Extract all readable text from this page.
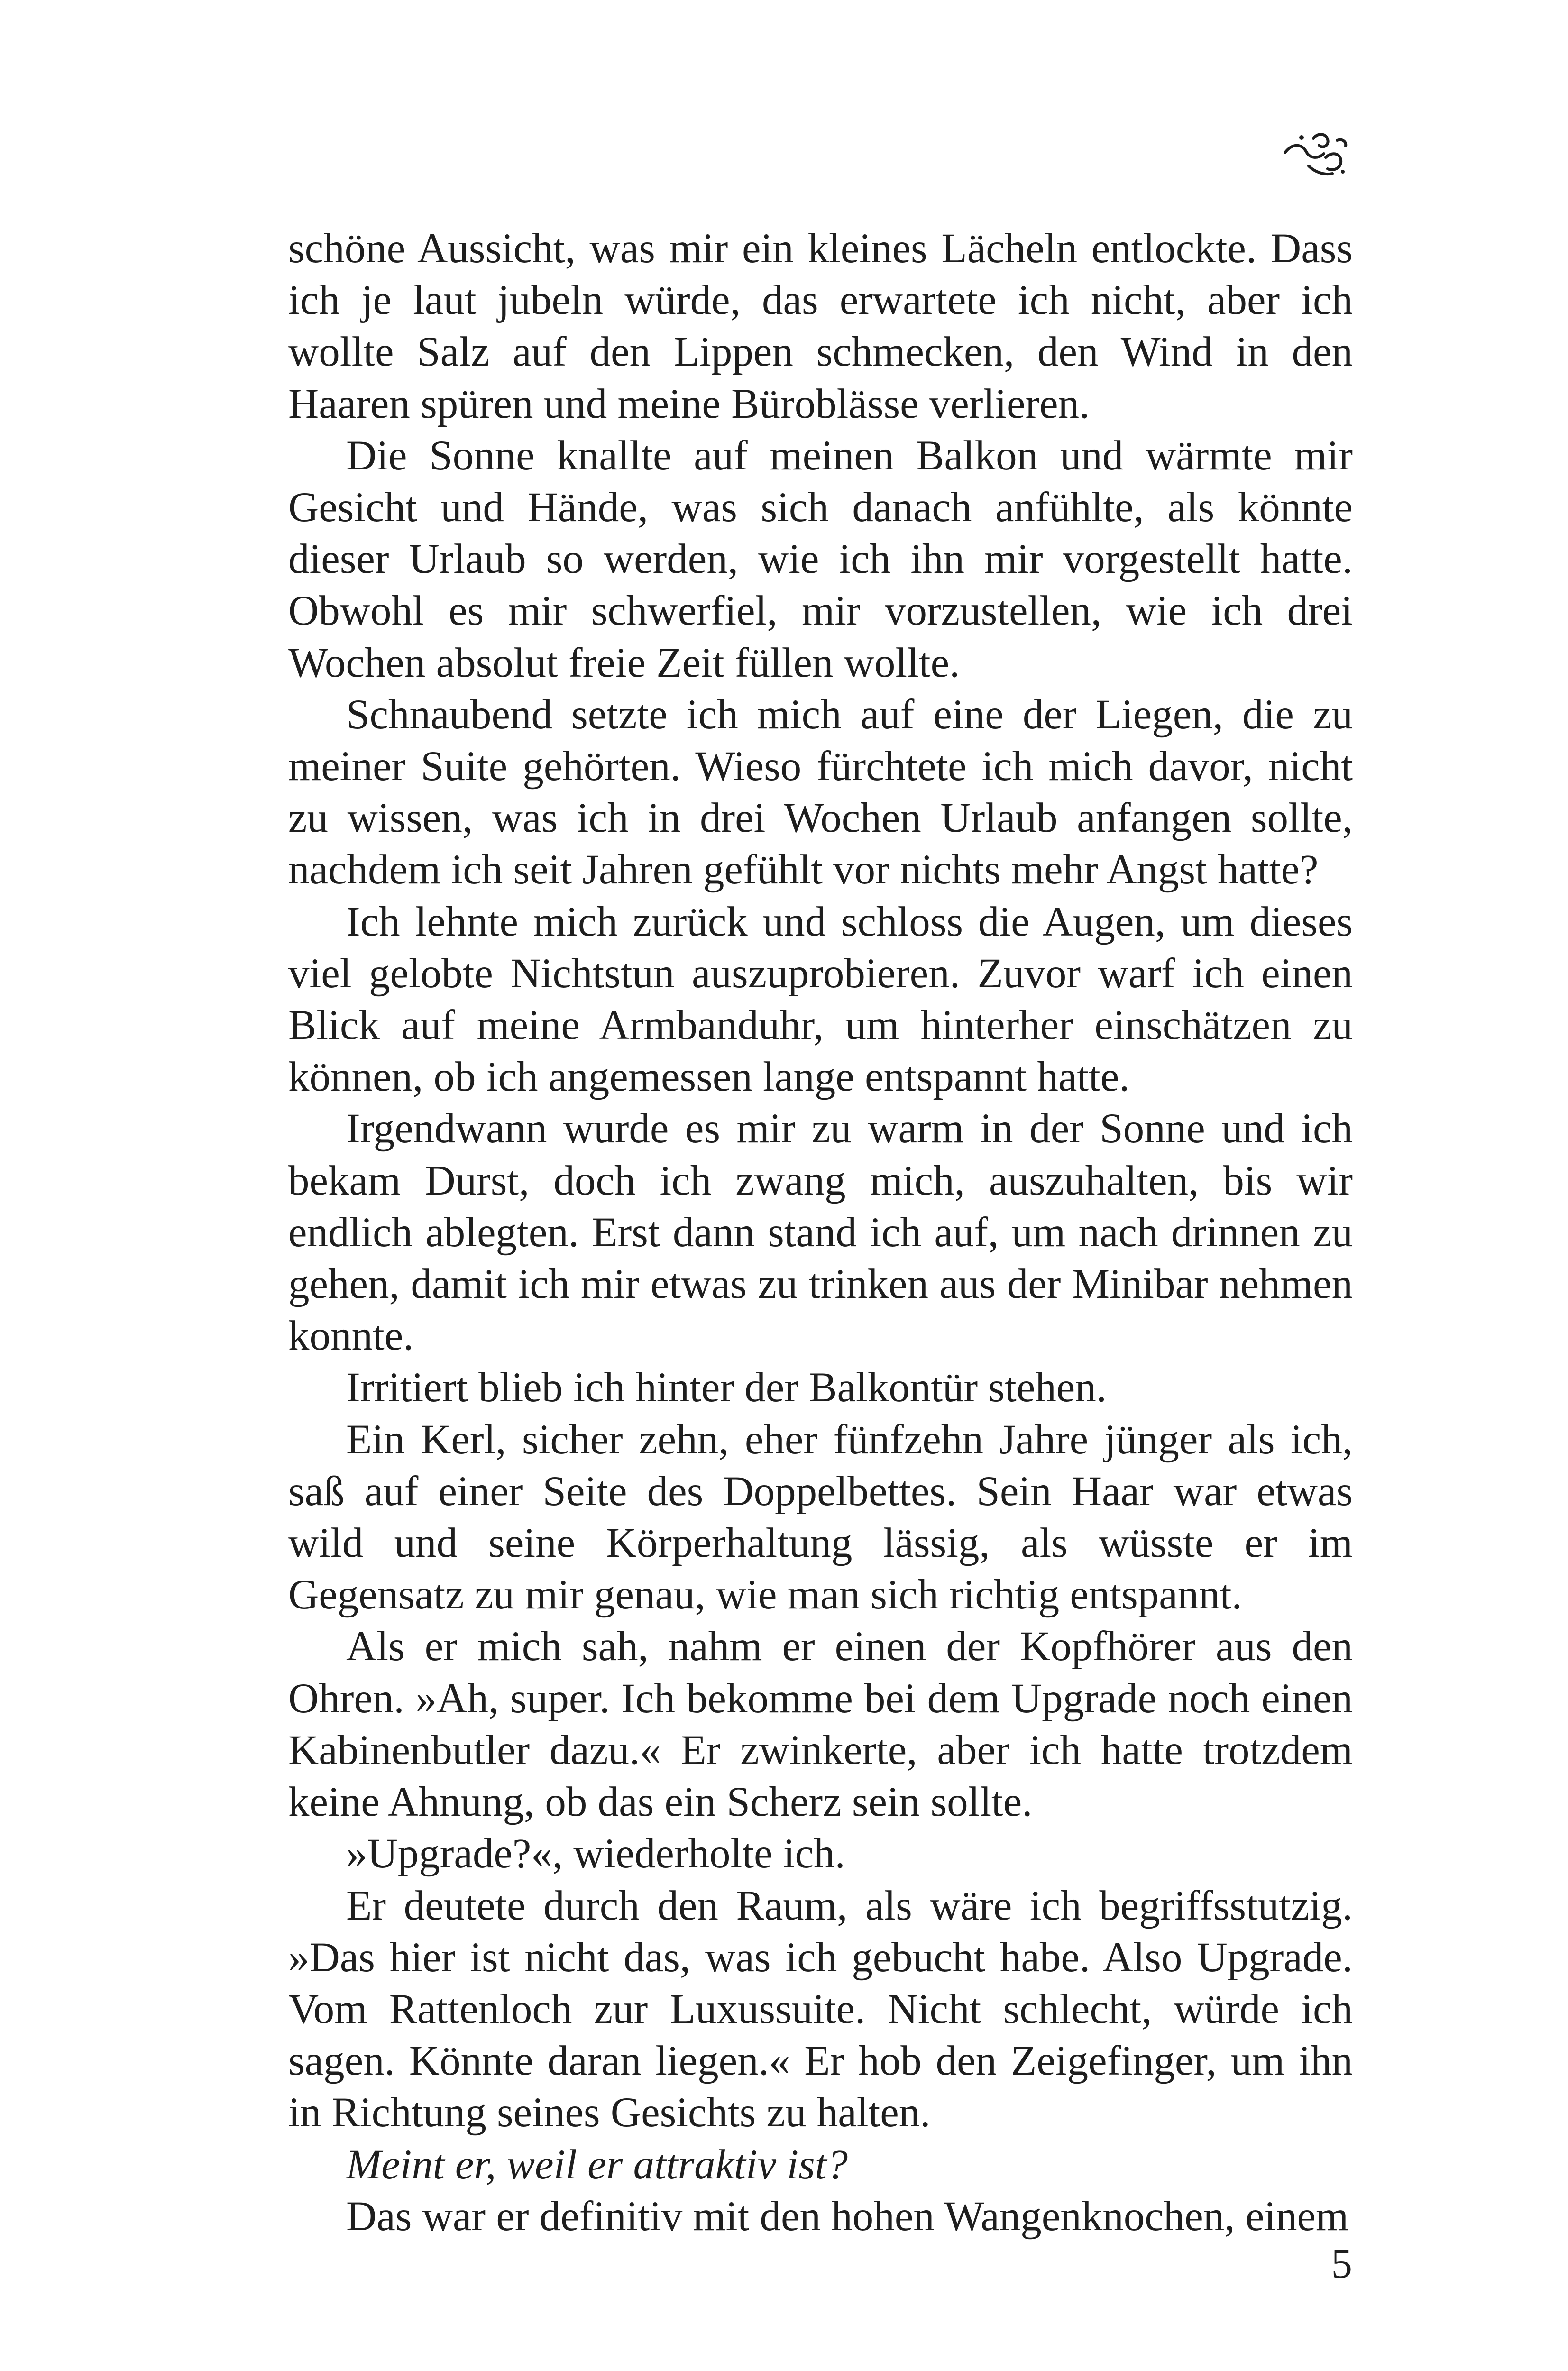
schöne Aussicht, was mir ein kleines Lächeln entlockte. Dass ich je laut jubeln würde, das erwartete ich nicht, aber ich wollte Salz auf den Lippen schmecken, den Wind in den Haaren spüren und meine Büroblässe verlieren.

Die Sonne knallte auf meinen Balkon und wärmte mir Gesicht und Hände, was sich danach anfühlte, als könnte dieser Urlaub so werden, wie ich ihn mir vorgestellt hatte. Obwohl es mir schwerfiel, mir vorzustellen, wie ich drei Wochen absolut freie Zeit füllen wollte.

Schnaubend setzte ich mich auf eine der Liegen, die zu meiner Suite gehörten. Wieso fürchtete ich mich davor, nicht zu wissen, was ich in drei Wochen Urlaub anfangen sollte, nachdem ich seit Jahren gefühlt vor nichts mehr Angst hatte?

Ich lehnte mich zurück und schloss die Augen, um dieses viel gelobte Nichtstun auszuprobieren. Zuvor warf ich einen Blick auf meine Armbanduhr, um hinterher einschätzen zu können, ob ich angemessen lange entspannt hatte.

Irgendwann wurde es mir zu warm in der Sonne und ich bekam Durst, doch ich zwang mich, auszuhalten, bis wir endlich ablegten. Erst dann stand ich auf, um nach drinnen zu gehen, damit ich mir etwas zu trinken aus der Minibar nehmen konnte.

Irritiert blieb ich hinter der Balkontür stehen.

Ein Kerl, sicher zehn, eher fünfzehn Jahre jünger als ich, saß auf einer Seite des Doppelbettes. Sein Haar war etwas wild und seine Körperhaltung lässig, als wüsste er im Gegensatz zu mir genau, wie man sich richtig entspannt.

Als er mich sah, nahm er einen der Kopfhörer aus den Ohren. »Ah, super. Ich bekomme bei dem Upgrade noch einen Kabinenbutler dazu.« Er zwinkerte, aber ich hatte trotzdem keine Ahnung, ob das ein Scherz sein sollte.

»Upgrade?«, wiederholte ich.

Er deutete durch den Raum, als wäre ich begriffsstutzig. »Das hier ist nicht das, was ich gebucht habe. Also Upgrade. Vom Rattenloch zur Luxussuite. Nicht schlecht, würde ich sagen. Könnte daran liegen.« Er hob den Zeigefinger, um ihn in Richtung seines Gesichts zu halten.

Meint er, weil er attraktiv ist?

Das war er definitiv mit den hohen Wangenknochen, einem

5
